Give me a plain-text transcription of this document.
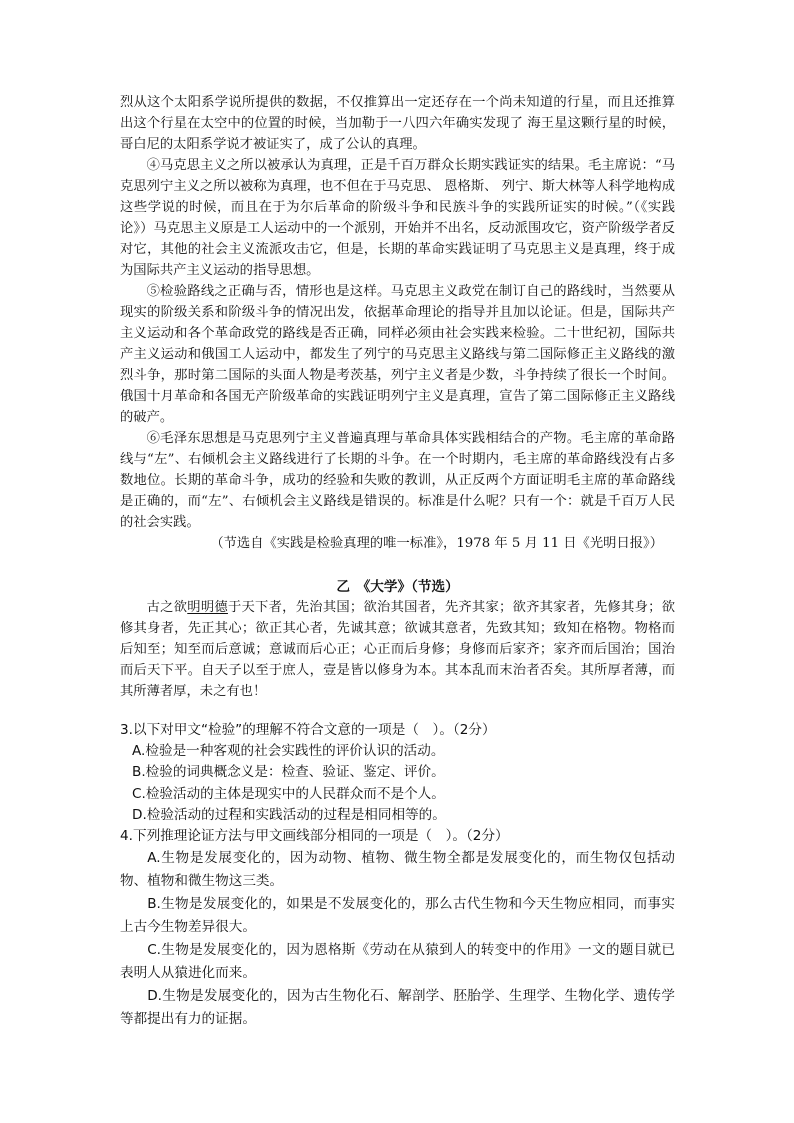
烈从这个太阳系学说所提供的数据，不仅推算出一定还存在一个尚未知道的行星，而且还推算出这个行星在太空中的位置的时候，当加勒于一八四六年确实发现了 海王星这颗行星的时候，哥白尼的太阳系学说才被证实了，成了公认的真理。

④马克思主义之所以被承认为真理，正是千百万群众长期实践证实的结果。毛主席说：“马克思列宁主义之所以被称为真理，也不但在于马克思、 恩格斯、 列宁、斯大林等人科学地构成这些学说的时候，而且在于为尔后革命的阶级斗争和民族斗争的实践所证实的时候。”（《实践论》）马克思主义原是工人运动中的一个派别，开始并不出名，反动派围攻它，资产阶级学者反对它，其他的社会主义流派攻击它，但是，长期的革命实践证明了马克思主义是真理，终于成为国际共产主义运动的指导思想。

⑤检验路线之正确与否，情形也是这样。马克思主义政党在制订自己的路线时，当然要从现实的阶级关系和阶级斗争的情况出发，依据革命理论的指导并且加以论证。但是，国际共产主义运动和各个革命政党的路线是否正确，同样必须由社会实践来检验。二十世纪初，国际共产主义运动和俄国工人运动中，都发生了列宁的马克思主义路线与第二国际修正主义路线的激烈斗争，那时第二国际的头面人物是考茨基，列宁主义者是少数，斗争持续了很长一个时间。俄国十月革命和各国无产阶级革命的实践证明列宁主义是真理，宣告了第二国际修正主义路线的破产。

⑥毛泽东思想是马克思列宁主义普遍真理与革命具体实践相结合的产物。毛主席的革命路线与“左”、右倾机会主义路线进行了长期的斗争。在一个时期内，毛主席的革命路线没有占多数地位。长期的革命斗争，成功的经验和失败的教训，从正反两个方面证明毛主席的革命路线是正确的，而“左”、右倾机会主义路线是错误的。标准是什么呢？只有一个：就是千百万人民的社会实践。

（节选自《实践是检验真理的唯一标准》，1978 年 5 月 11 日《光明日报》）

乙　《大学》（节选）

古之欲明明德于天下者，先治其国；欲治其国者，先齐其家；欲齐其家者，先修其身；欲修其身者，先正其心；欲正其心者，先诚其意；欲诚其意者，先致其知；致知在格物。物格而后知至；知至而后意诚；意诚而后心正；心正而后身修；身修而后家齐；家齐而后国治；国治而后天下平。自天子以至于庶人，壹是皆以修身为本。其本乱而末治者否矣。其所厚者薄，而其所薄者厚，未之有也！

3.以下对甲文“检验”的理解不符合文意的一项是（　）。（2分）

A.检验是一种客观的社会实践性的评价认识的活动。

B.检验的词典概念义是：检查、验证、鉴定、评价。

C.检验活动的主体是现实中的人民群众而不是个人。

D.检验活动的过程和实践活动的过程是相同相等的。

4.下列推理论证方法与甲文画线部分相同的一项是（　）。（2分）

A.生物是发展变化的，因为动物、植物、微生物全都是发展变化的，而生物仅包括动物、植物和微生物这三类。

B.生物是发展变化的，如果是不发展变化的，那么古代生物和今天生物应相同，而事实上古今生物差异很大。

C.生物是发展变化的，因为恩格斯《劳动在从猿到人的转变中的作用》一文的题目就已表明人从猿进化而来。

D.生物是发展变化的，因为古生物化石、解剖学、胚胎学、生理学、生物化学、遗传学等都提出有力的证据。
